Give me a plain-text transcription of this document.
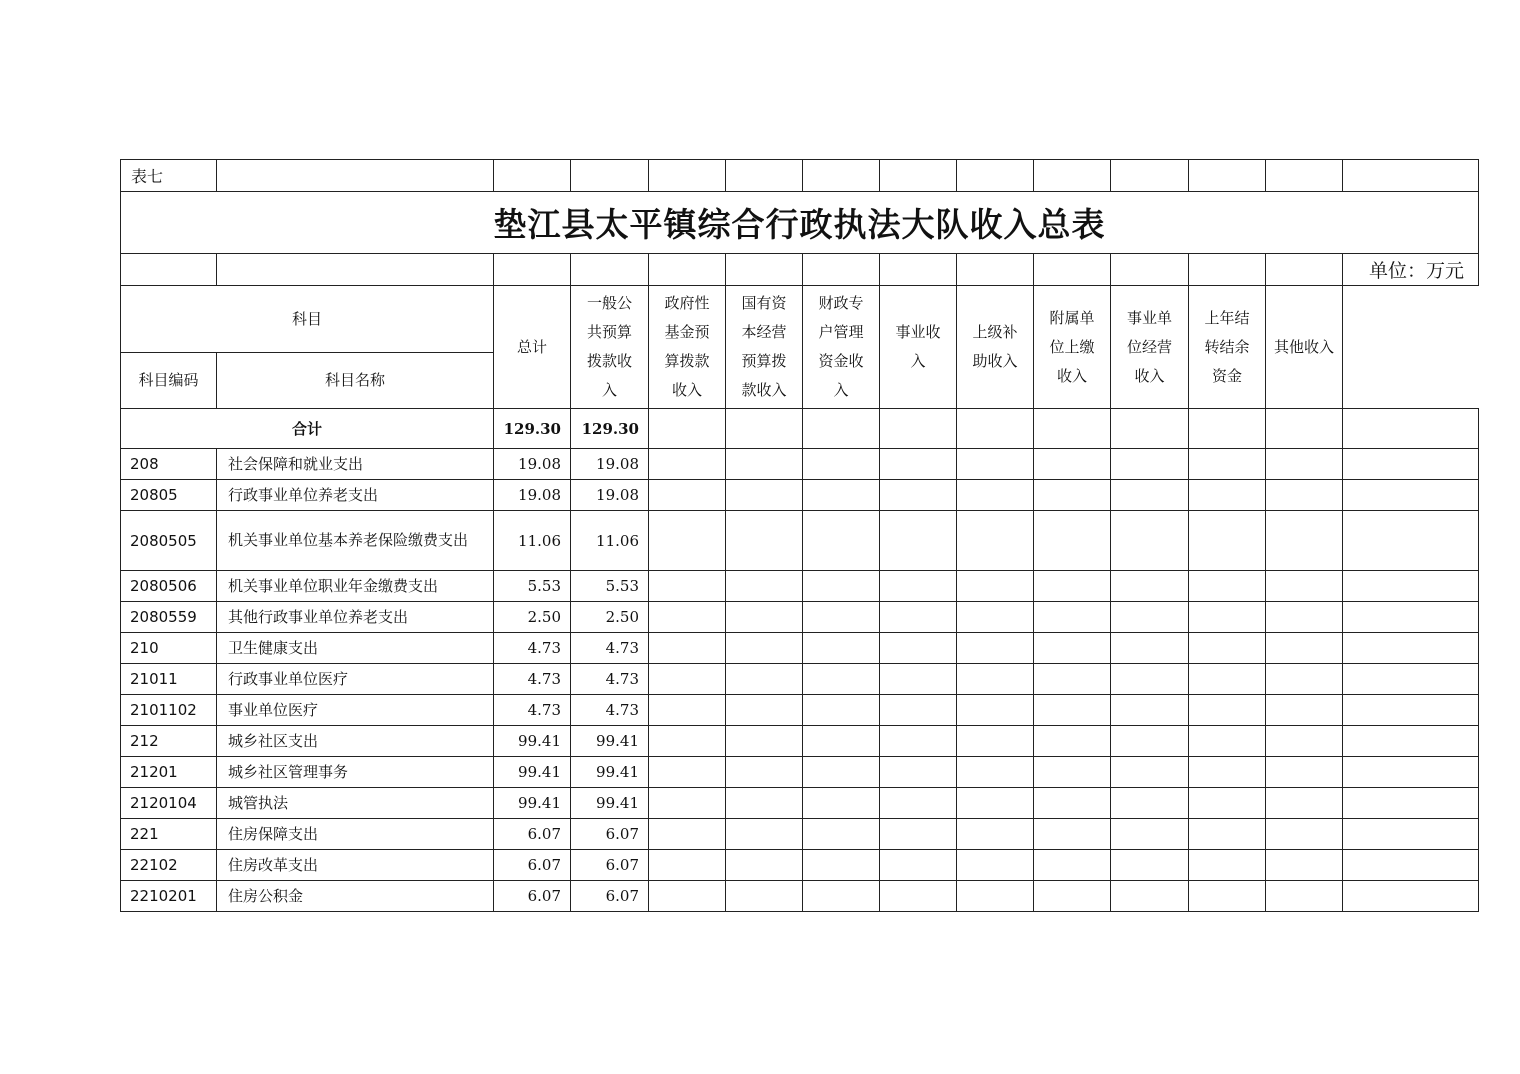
表七													
垫江县太平镇综合行政执法大队收入总表													
													单位：万元
科目		总计	一般公共预算拨款收入	政府性基金预算拨款收入	国有资本经营预算拨款收入	财政专户管理资金收入	事业收入	上级补助收入	附属单位上缴收入	事业单位经营收入	上年结转结余资金	其他收入	
科目编码	科目名称												
合计		129.30	129.30										
208	社会保障和就业支出	19.08	19.08										
20805	行政事业单位养老支出	19.08	19.08										
2080505	机关事业单位基本养老保险缴费支出	11.06	11.06										
2080506	机关事业单位职业年金缴费支出	5.53	5.53										
2080559	其他行政事业单位养老支出	2.50	2.50										
210	卫生健康支出	4.73	4.73										
21011	行政事业单位医疗	4.73	4.73										
2101102	事业单位医疗	4.73	4.73										
212	城乡社区支出	99.41	99.41										
21201	城乡社区管理事务	99.41	99.41										
2120104	城管执法	99.41	99.41										
221	住房保障支出	6.07	6.07										
22102	住房改革支出	6.07	6.07										
2210201	住房公积金	6.07	6.07										
